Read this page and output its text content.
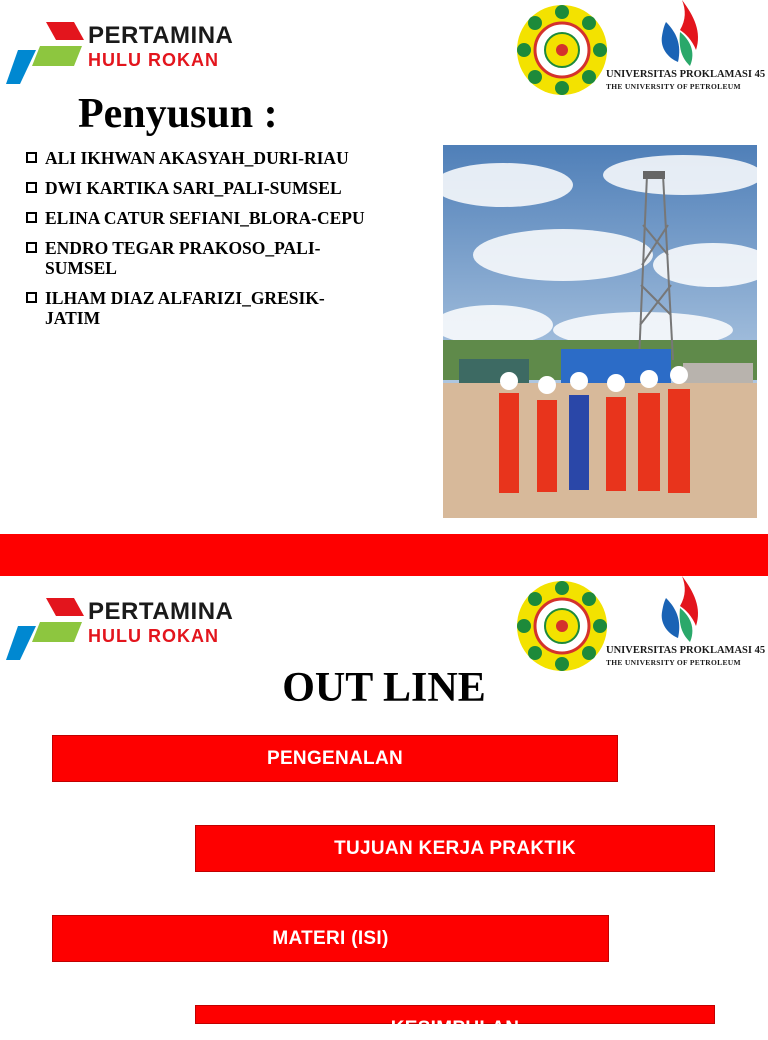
PERTAMINA
HULU ROKAN
UNIVERSITAS PROKLAMASI 45
THE UNIVERSITY OF PETROLEUM
Penyusun :
ALI IKHWAN AKASYAH_DURI-RIAU
DWI KARTIKA SARI_PALI-SUMSEL
ELINA CATUR SEFIANI_BLORA-CEPU
ENDRO TEGAR PRAKOSO_PALI-
SUMSEL
ILHAM DIAZ ALFARIZI_GRESIK-
JATIM
PERTAMINA
HULU ROKAN
UNIVERSITAS PROKLAMASI 45
THE UNIVERSITY OF PETROLEUM
OUT LINE
PENGENALAN
TUJUAN KERJA PRAKTIK
MATERI (ISI)
KESIMPULAN
